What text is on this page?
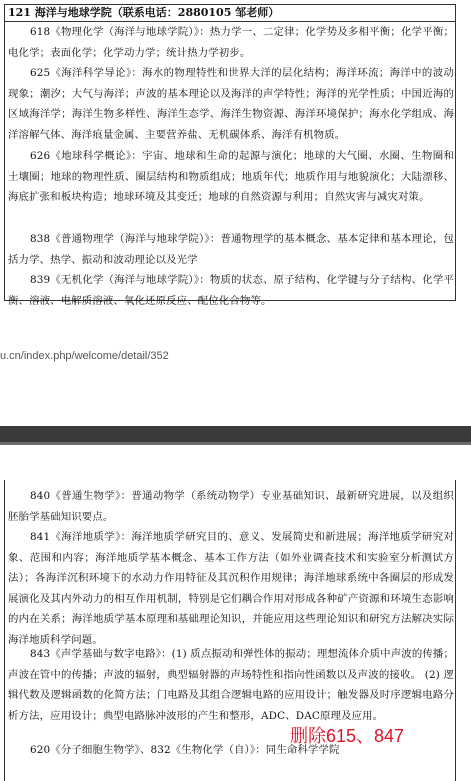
121 海洋与地球学院（联系电话：2880105 邹老师）

618《物理化学（海洋与地球学院）》：热力学一、二定律；化学势及多相平衡；化学平衡；电化学；表面化学；化学动力学；统计热力学初步。

625《海洋科学导论》：海水的物理特性和世界大洋的层化结构；海洋环流；海洋中的波动现象；潮汐；大气与海洋；声波的基本理论以及海洋的声学特性；海洋的光学性质；中国近海的区域海洋学；海洋生物多样性、海洋生态学、海洋生物资源、海洋环境保护；海水化学组成、海洋溶解气体、海洋痕量金属、主要营养盐、无机碳体系、海洋有机物质。

626《地球科学概论》：宇宙、地球和生命的起源与演化；地球的大气圈、水圈、生物圈和土壤圈；地球的物理性质、圈层结构和物质组成；地质年代；地质作用与地貌演化；大陆漂移、海底扩张和板块构造；地球环境及其变迁；地球的自然资源与利用；自然灾害与减灾对策。

838《普通物理学（海洋与地球学院）》：普通物理学的基本概念、基本定律和基本理论，包括力学、热学、振动和波动理论以及光学

839《无机化学（海洋与地球学院）》：物质的状态、原子结构、化学键与分子结构、化学平衡、溶液、电解质溶液、氧化还原反应、配位化合物等。

u.cn/index.php/welcome/detail/352

840《普通生物学》：普通动物学（系统动物学）专业基础知识、最新研究进展，以及组织胚胎学基础知识要点。

841《海洋地质学》：海洋地质学研究目的、意义、发展简史和新进展；海洋地质学研究对象、范围和内容；海洋地质学基本概念、基本工作方法（如外业调查技术和实验室分析测试方法）；各海洋沉积环境下的水动力作用特征及其沉积作用规律；海洋地球系统中各圈层的形成发展演化及其内外动力的相互作用机制，特别是它们耦合作用对形成各种矿产资源和环境生态影响的内在关系；海洋地质学基本原理和基础理论知识，并能应用这些理论知识和研究方法解决实际海洋地质科学问题。

843《声学基础与数字电路》：(1) 质点振动和弹性体的振动；理想流体介质中声波的传播；声波在管中的传播；声波的辐射，典型辐射器的声场特性和指向性函数以及声波的接收。 (2) 逻辑代数及逻辑函数的化简方法；门电路及其组合逻辑电路的应用设计；触发器及时序逻辑电路分析方法，应用设计；典型电路脉冲波形的产生和整形，ADC、DAC原理及应用。

620《分子细胞生物学》、832《生物化学（自）》：同生命科学学院

删除615、847
